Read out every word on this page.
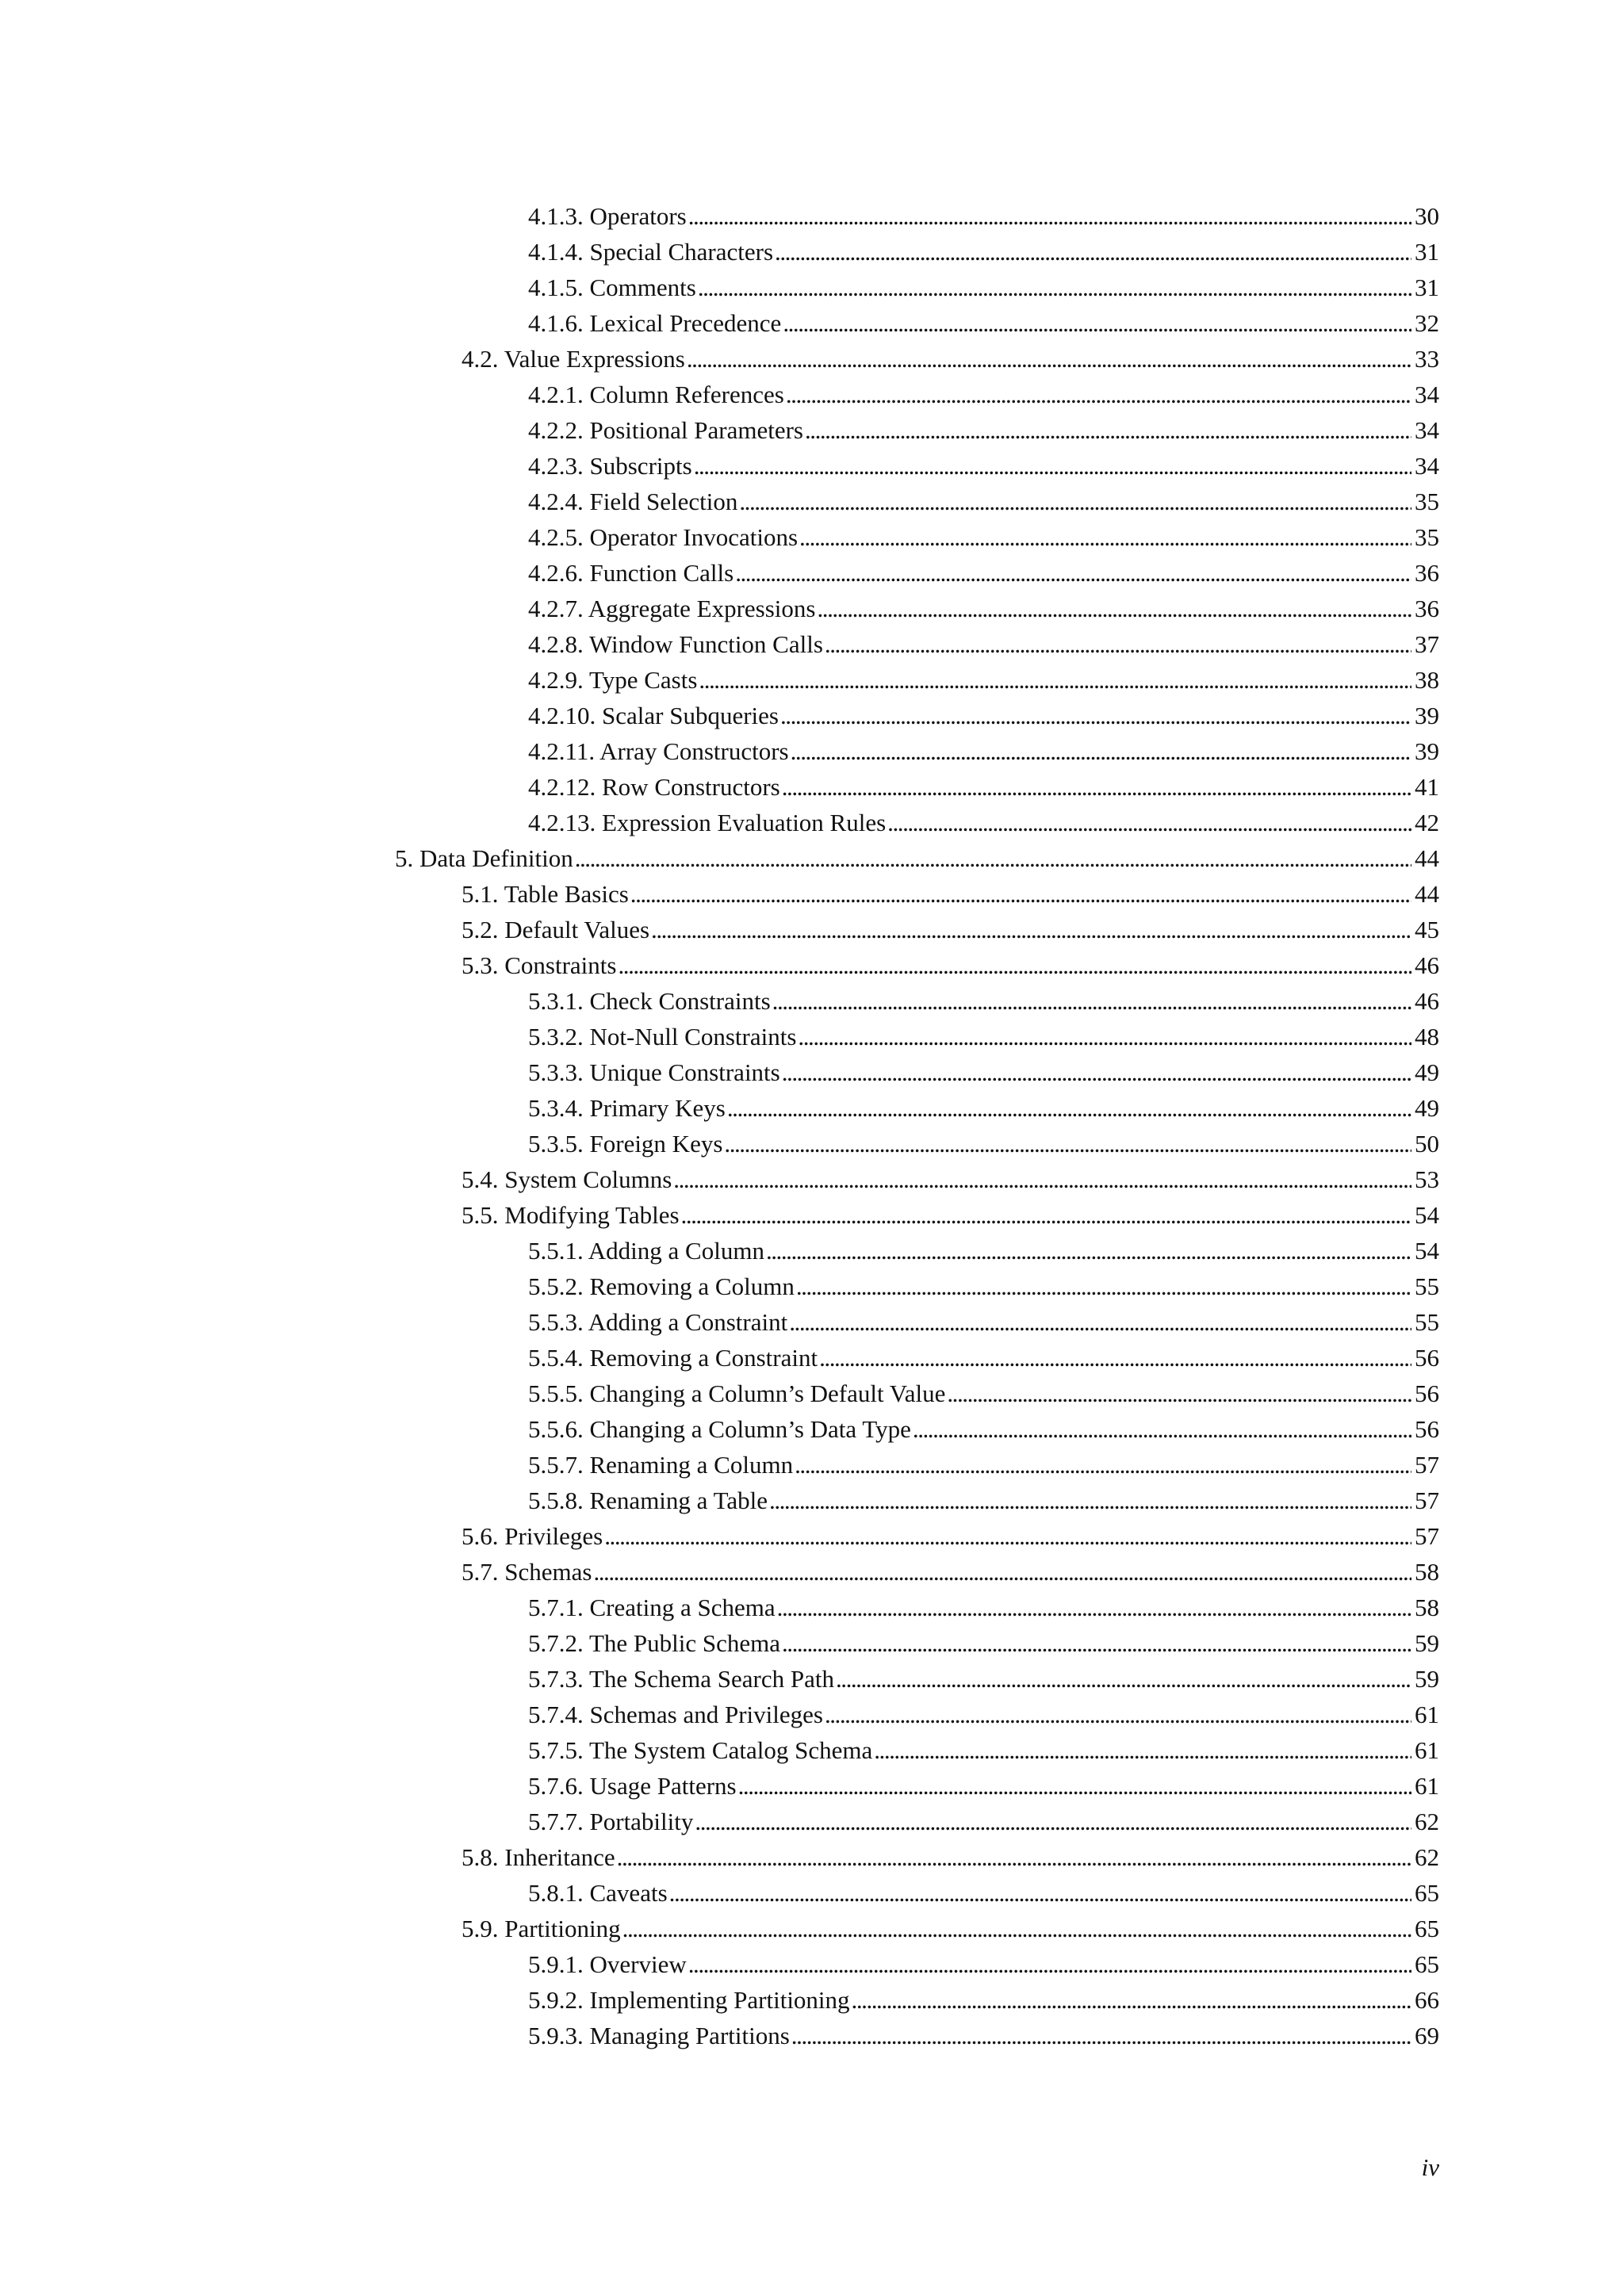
4.1.3. Operators . . .	30
4.1.4. Special Characters . . .	31
4.1.5. Comments . . .	31
4.1.6. Lexical Precedence . . .	32
4.2. Value Expressions . . .	33
4.2.1. Column References . . .	34
4.2.2. Positional Parameters . . .	34
4.2.3. Subscripts . . .	34
4.2.4. Field Selection . . .	35
4.2.5. Operator Invocations . . .	35
4.2.6. Function Calls . . .	36
4.2.7. Aggregate Expressions . . .	36
4.2.8. Window Function Calls . . .	37
4.2.9. Type Casts . . .	38
4.2.10. Scalar Subqueries . . .	39
4.2.11. Array Constructors . . .	39
4.2.12. Row Constructors . . .	41
4.2.13. Expression Evaluation Rules . . .	42
5. Data Definition . . .	44
5.1. Table Basics . . .	44
5.2. Default Values . . .	45
5.3. Constraints . . .	46
5.3.1. Check Constraints . . .	46
5.3.2. Not-Null Constraints . . .	48
5.3.3. Unique Constraints . . .	49
5.3.4. Primary Keys . . .	49
5.3.5. Foreign Keys . . .	50
5.4. System Columns . . .	53
5.5. Modifying Tables . . .	54
5.5.1. Adding a Column . . .	54
5.5.2. Removing a Column . . .	55
5.5.3. Adding a Constraint . . .	55
5.5.4. Removing a Constraint . . .	56
5.5.5. Changing a Column’s Default Value . . .	56
5.5.6. Changing a Column’s Data Type . . .	56
5.5.7. Renaming a Column . . .	57
5.5.8. Renaming a Table . . .	57
5.6. Privileges . . .	57
5.7. Schemas . . .	58
5.7.1. Creating a Schema . . .	58
5.7.2. The Public Schema . . .	59
5.7.3. The Schema Search Path . . .	59
5.7.4. Schemas and Privileges . . .	61
5.7.5. The System Catalog Schema . . .	61
5.7.6. Usage Patterns . . .	61
5.7.7. Portability . . .	62
5.8. Inheritance . . .	62
5.8.1. Caveats . . .	65
5.9. Partitioning . . .	65
5.9.1. Overview . . .	65
5.9.2. Implementing Partitioning . . .	66
5.9.3. Managing Partitions . . .	69
iv
